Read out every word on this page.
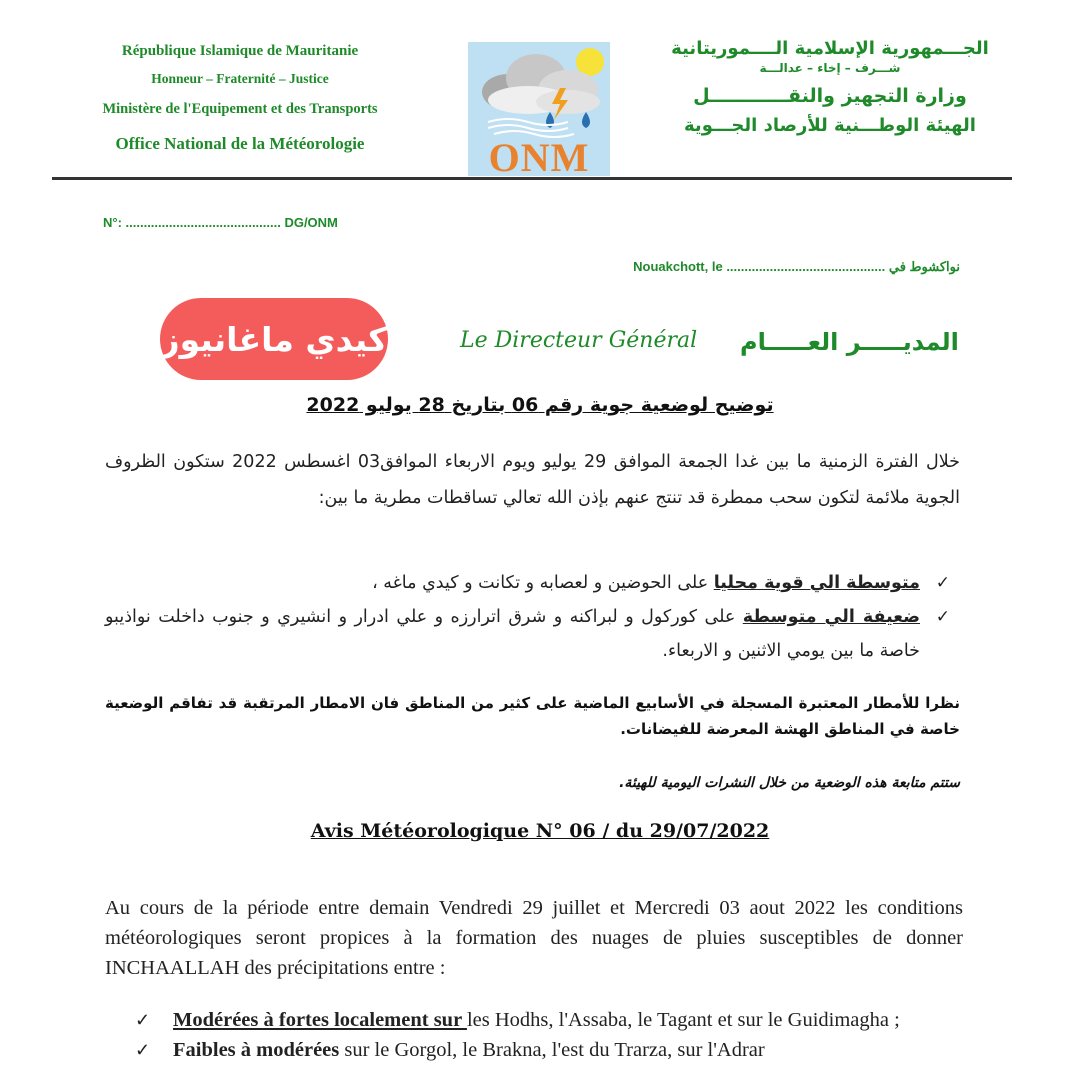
République Islamique de Mauritanie
Honneur – Fraternité – Justice
Ministère de l'Equipement et des Transports
Office National de la Météorologie	ONM
الجـــمهورية الإسلامية الــــموريتانية
شـــرف – إخاء – عدالـــة
وزارة التجهيز والنقــــــــــــل
الهيئة الوطـــنية للأرصاد الجـــوية
N°: ........................................... DG/ONM
Nouakchott, le ............................................ نواكشوط في
كيدي ماغانيوز	Le Directeur Général المديـــــر العـــــام
توضيح لوضعية جوية رقم 06 بتاريخ 28 يوليو 2022
خلال الفترة الزمنية ما بين غدا الجمعة الموافق 29 يوليو ويوم الاربعاء الموافق03 اغسطس 2022 ستكون الظروف الجوية ملائمة لتكون سحب ممطرة قد تنتج عنهم بإذن الله تعالي تساقطات مطرية ما بين:
✓
متوسطة الي قوية محليا على الحوضين و لعصابه و تكانت و كيدي ماغه ،
✓
ضعيفة الي متوسطة على كوركول و لبراكنه و شرق اترارزه و علي ادرار و انشيري و جنوب داخلت نواذيبو خاصة ما بين يومي الاثنين و الاربعاء.
نظرا للأمطار المعتبرة المسجلة في الأسابيع الماضية على كثير من المناطق فان الامطار المرتقبة قد تفاقم الوضعية خاصة في المناطق الهشة المعرضة للفيضانات.
ستتم متابعة هذه الوضعية من خلال النشرات اليومية للهيئة.
Avis Météorologique N° 06 / du 29/07/2022
Au cours de la période entre demain Vendredi 29 juillet et Mercredi 03 aout 2022 les conditions météorologiques seront propices à la formation des nuages de pluies susceptibles de donner INCHAALLAH des précipitations entre :
✓ Modérées à fortes localement sur les Hodhs, l'Assaba, le Tagant et sur le Guidimagha ;
✓ Faibles à modérées sur le Gorgol, le Brakna, l'est du Trarza, sur l'Adrar
